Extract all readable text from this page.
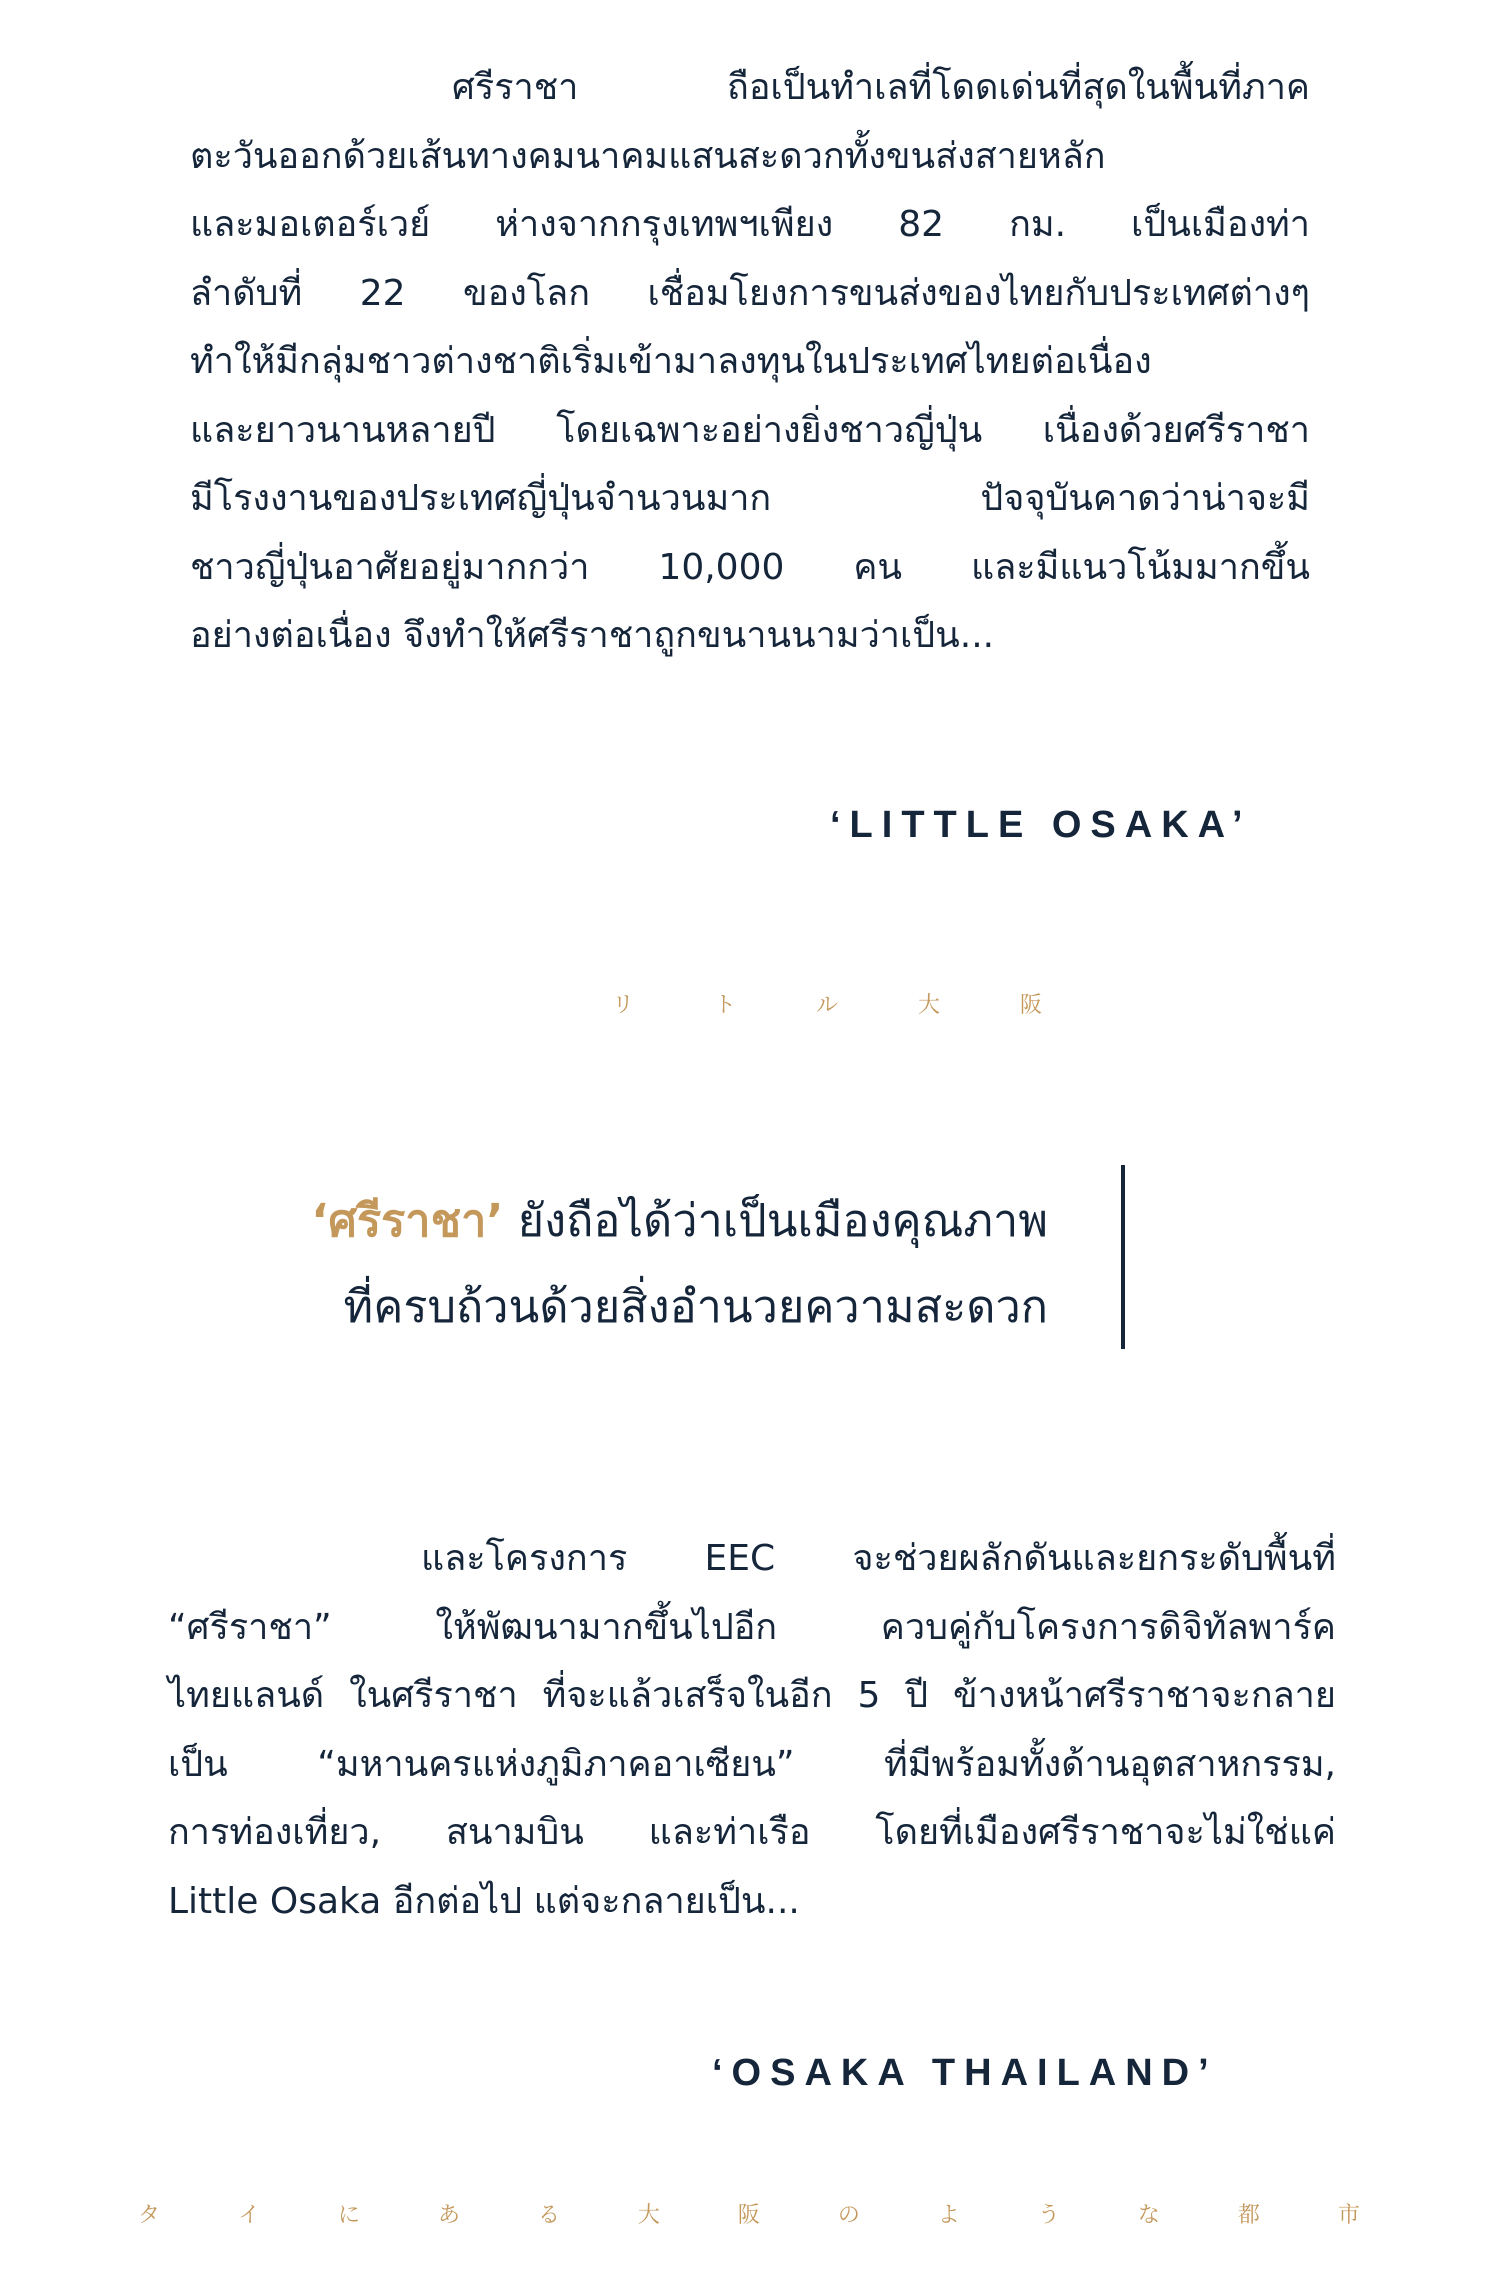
ศรีราชา ถือเป็นทำเลที่โดดเด่นที่สุดในพื้นที่ภาค
ตะวันออกด้วยเส้นทางคมนาคมแสนสะดวกทั้งขนส่งสายหลัก
และมอเตอร์เวย์ ห่างจากกรุงเทพฯเพียง 82 กม. เป็นเมืองท่า
ลำดับที่ 22 ของโลก เชื่อมโยงการขนส่งของไทยกับประเทศต่างๆ
ทำให้มีกลุ่มชาวต่างชาติเริ่มเข้ามาลงทุนในประเทศไทยต่อเนื่อง
และยาวนานหลายปี โดยเฉพาะอย่างยิ่งชาวญี่ปุ่น เนื่องด้วยศรีราชา
มีโรงงานของประเทศญี่ปุ่นจำนวนมาก ปัจจุบันคาดว่าน่าจะมี
ชาวญี่ปุ่นอาศัยอยู่มากกว่า 10,000 คน และมีแนวโน้มมากขึ้น
อย่างต่อเนื่อง จึงทำให้ศรีราชาถูกขนานนามว่าเป็น...

‘LITTLE OSAKA’
リ	ト	ル	大	阪
‘ศรีราชา’ ยังถือได้ว่าเป็นเมืองคุณภาพ
ที่ครบถ้วนด้วยสิ่งอำนวยความสะดวก

และโครงการ EEC จะช่วยผลักดันและยกระดับพื้นที่
“ศรีราชา” ให้พัฒนามากขึ้นไปอีก ควบคู่กับโครงการดิจิทัลพาร์ค
ไทยแลนด์ ในศรีราชา ที่จะแล้วเสร็จในอีก 5 ปี ข้างหน้าศรีราชาจะกลาย
เป็น “มหานครแห่งภูมิภาคอาเซียน” ที่มีพร้อมทั้งด้านอุตสาหกรรม,
การท่องเที่ยว, สนามบิน และท่าเรือ โดยที่เมืองศรีราชาจะไม่ใช่แค่
Little Osaka อีกต่อไป แต่จะกลายเป็น...

‘OSAKA THAILAND’
タ	イ	に	あ	る	大	阪	の	よ	う	な	都	市
